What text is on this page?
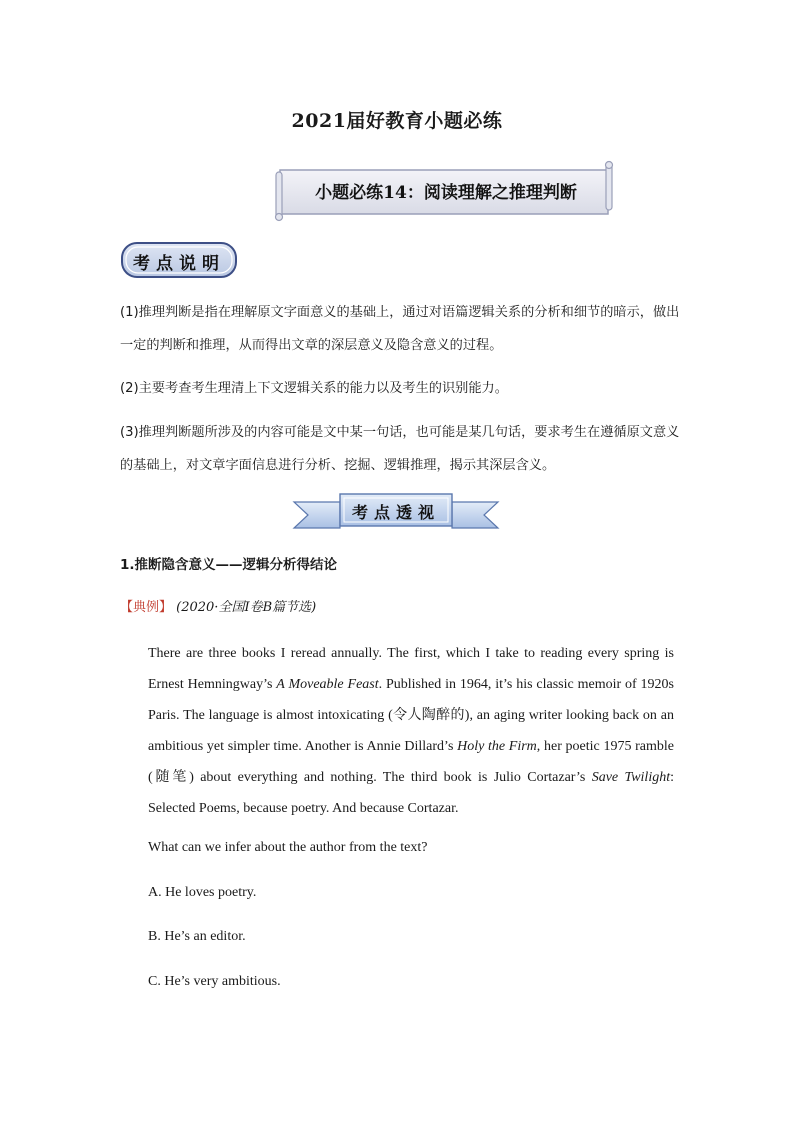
2021届好教育小题必练
小题必练14：阅读理解之推理判断
考点说明
(1)推理判断是指在理解原文字面意义的基础上，通过对语篇逻辑关系的分析和细节的暗示，做出一定的判断和推理，从而得出文章的深层意义及隐含意义的过程。
(2)主要考查考生理清上下文逻辑关系的能力以及考生的识别能力。
(3)推理判断题所涉及的内容可能是文中某一句话，也可能是某几句话，要求考生在遵循原文意义的基础上，对文章字面信息进行分析、挖掘、逻辑推理，揭示其深层含义。
考点透视
1.推断隐含意义——逻辑分析得结论
【典例】 (2020·全国I卷B篇节选)
There are three books I reread annually. The first, which I take to reading every spring is Ernest Hemningway’s A Moveable Feast. Published in 1964, it’s his classic memoir of 1920s Paris. The language is almost intoxicating (令人陶醉的), an aging writer looking back on an ambitious yet simpler time. Another is Annie Dillard’s Holy the Firm, her poetic 1975 ramble (随笔) about everything and nothing. The third book is Julio Cortazar’s Save Twilight: Selected Poems, because poetry. And because Cortazar.
What can we infer about the author from the text?
A. He loves poetry.
B. He’s an editor.
C. He’s very ambitious.
